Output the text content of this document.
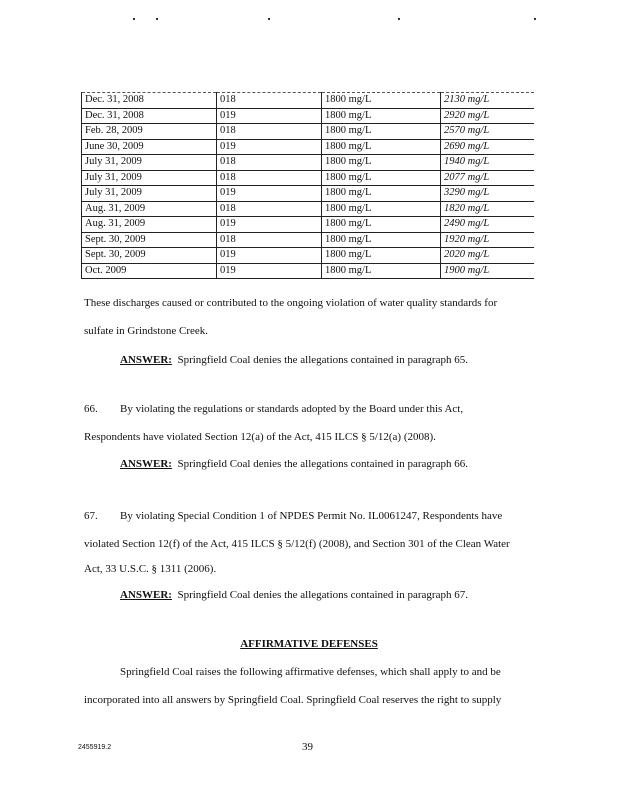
Dec. 31, 2008	018	1800 mg/L	2130 mg/L
Dec. 31, 2008	019	1800 mg/L	2920 mg/L
Feb. 28, 2009	018	1800 mg/L	2570 mg/L
June 30, 2009	019	1800 mg/L	2690 mg/L
July 31, 2009	018	1800 mg/L	1940 mg/L
July 31, 2009	018	1800 mg/L	2077 mg/L
July 31, 2009	019	1800 mg/L	3290 mg/L
Aug. 31, 2009	018	1800 mg/L	1820 mg/L
Aug. 31, 2009	019	1800 mg/L	2490 mg/L
Sept. 30, 2009	018	1800 mg/L	1920 mg/L
Sept. 30, 2009	019	1800 mg/L	2020 mg/L
Oct. 2009	019	1800 mg/L	1900 mg/L
These discharges caused or contributed to the ongoing violation of water quality standards for
sulfate in Grindstone Creek.
ANSWER: Springfield Coal denies the allegations contained in paragraph 65.
66. By violating the regulations or standards adopted by the Board under this Act,
Respondents have violated Section 12(a) of the Act, 415 ILCS § 5/12(a) (2008).
ANSWER: Springfield Coal denies the allegations contained in paragraph 66.
67. By violating Special Condition 1 of NPDES Permit No. IL0061247, Respondents have
violated Section 12(f) of the Act, 415 ILCS § 5/12(f) (2008), and Section 301 of the Clean Water
Act, 33 U.S.C. § 1311 (2006).
ANSWER: Springfield Coal denies the allegations contained in paragraph 67.
AFFIRMATIVE DEFENSES
Springfield Coal raises the following affirmative defenses, which shall apply to and be
incorporated into all answers by Springfield Coal. Springfield Coal reserves the right to supply
2455919.2	39
